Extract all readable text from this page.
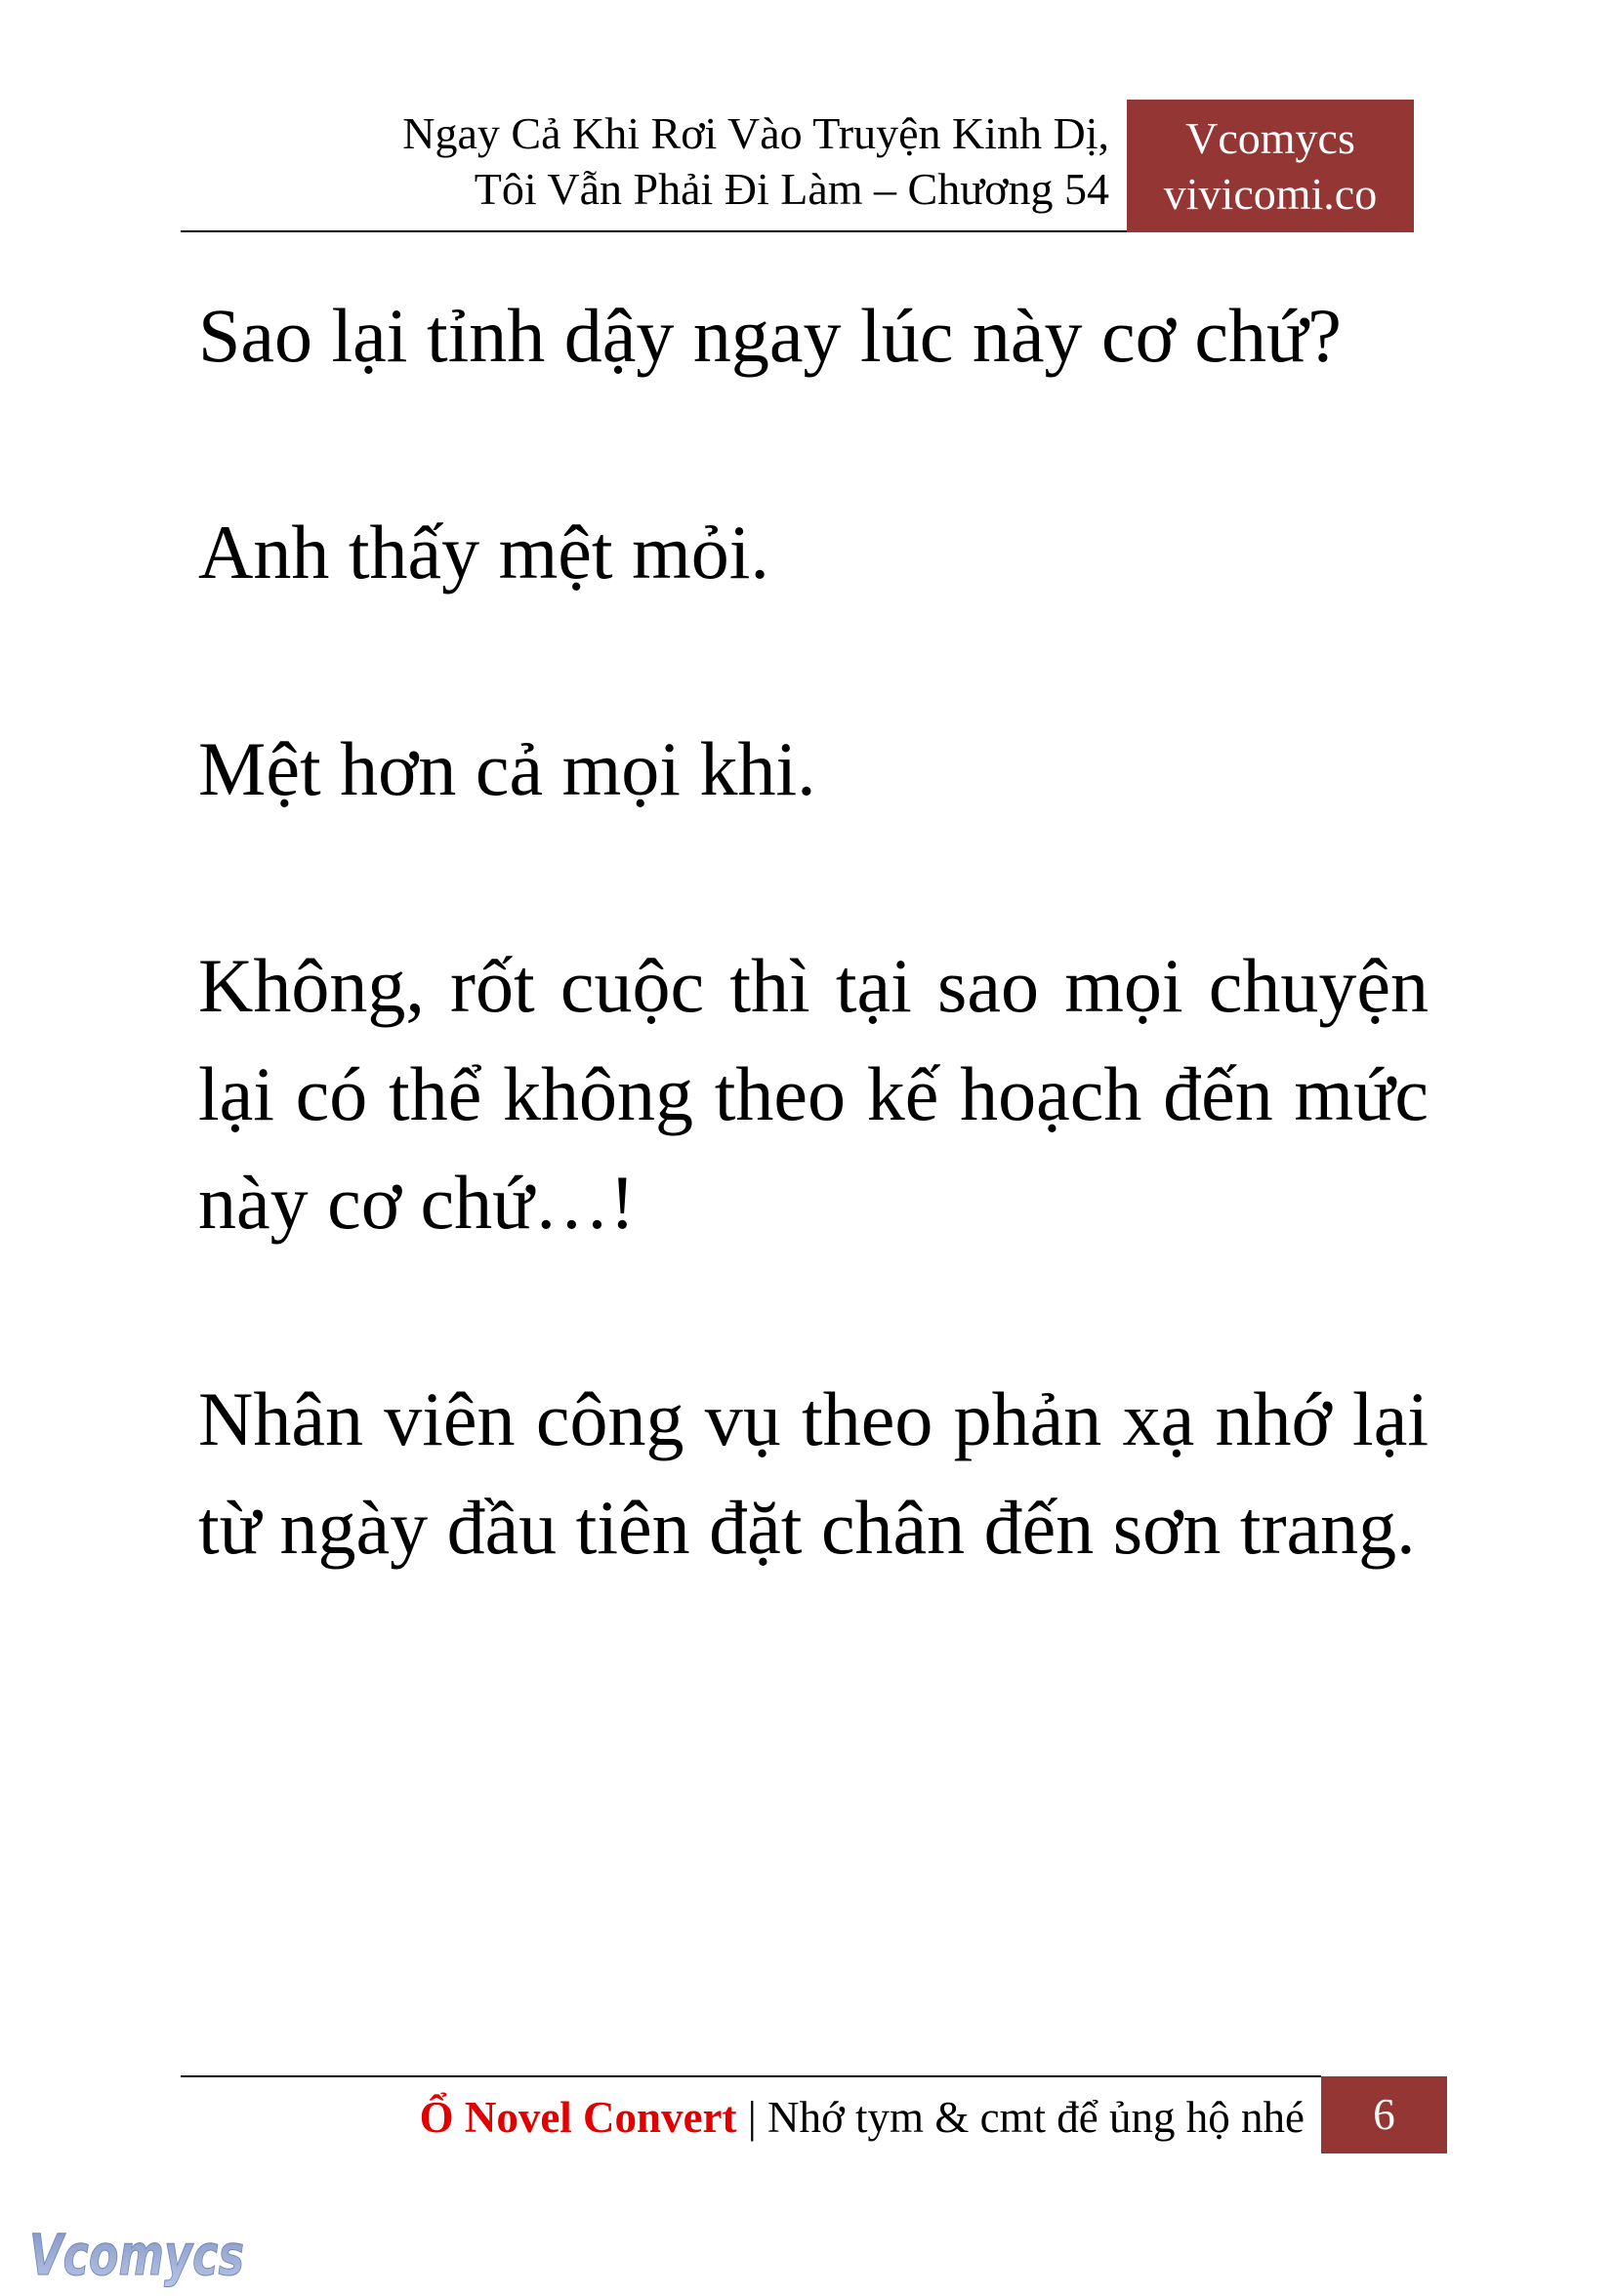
Ngay Cả Khi Rơi Vào Truyện Kinh Dị,
Tôi Vẫn Phải Đi Làm – Chương 54
Vcomycs
vivicomi.co

Sao lại tỉnh dậy ngay lúc này cơ chứ?

Anh thấy mệt mỏi.

Mệt hơn cả mọi khi.

Không, rốt cuộc thì tại sao mọi chuyện lại có thể không theo kế hoạch đến mức này cơ chứ…!

Nhân viên công vụ theo phản xạ nhớ lại từ ngày đầu tiên đặt chân đến sơn trang.

Ổ Novel Convert | Nhớ tym & cmt để ủng hộ nhé	6
Vcomycs
